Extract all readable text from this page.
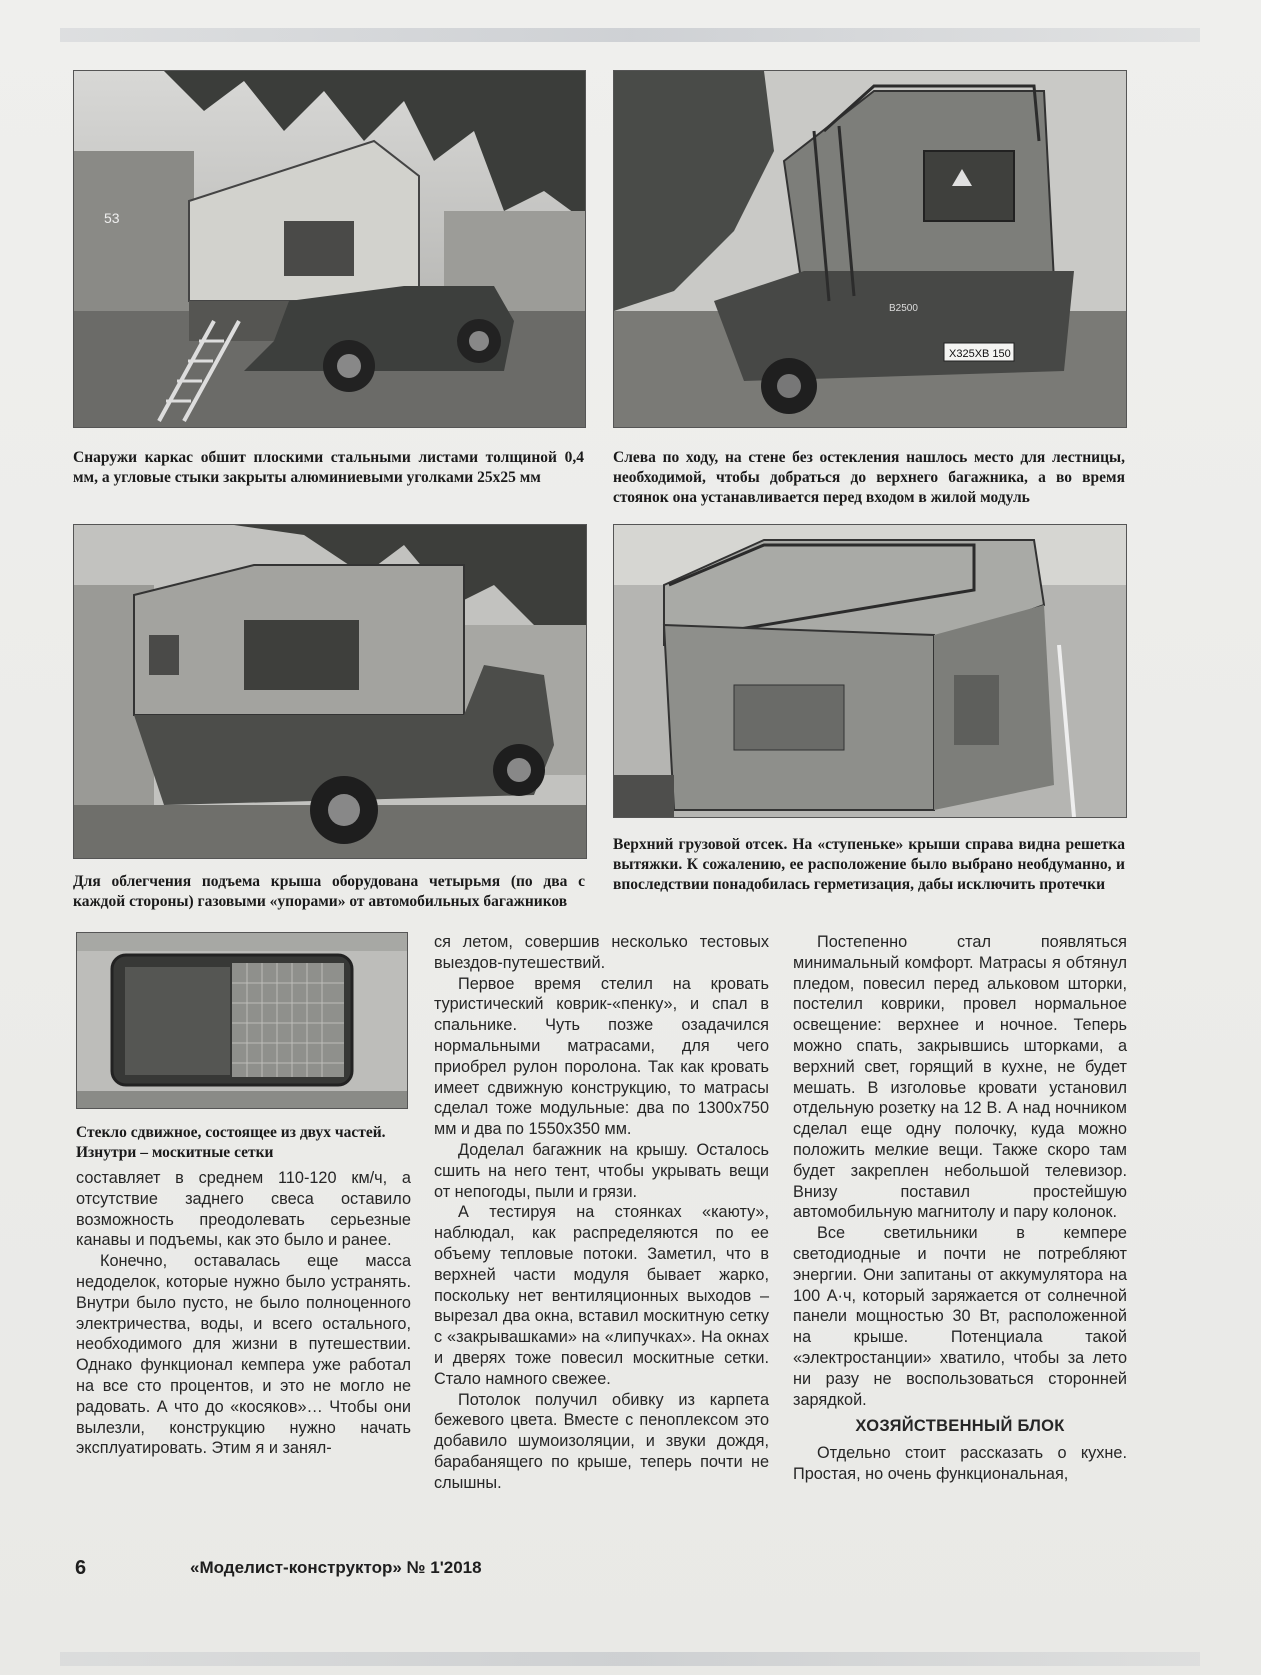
53
Х325ХВ 150
В2500
Снаружи каркас обшит плоскими стальными листами толщиной 0,4 мм, а угловые стыки закрыты алюминиевыми уголками 25x25 мм
Слева по ходу, на стене без остекления нашлось место для лестницы, необходимой, чтобы добраться до верхнего багажника, а во время стоянок она устанавливается перед входом в жилой модуль
Для облегчения подъема крыша оборудована четырьмя (по два с каждой стороны) газовыми «упорами» от автомобильных багажников
Верхний грузовой отсек. На «ступеньке» крыши справа видна решетка вытяжки. К сожалению, ее расположение было выбрано необдуманно, и впоследствии понадобилась герметизация, дабы исключить протечки
Стекло сдвижное, состоящее из двух частей. Изнутри – москитные сетки

составляет в среднем 110-120 км/ч, а отсутствие заднего свеса оставило возможность преодолевать серьезные канавы и подъемы, как это было и ранее.

Конечно, оставалась еще масса недоделок, которые нужно было устранять. Внутри было пусто, не было полноценного электричества, воды, и всего остального, необходимого для жизни в путешествии. Однако функционал кемпера уже работал на все сто процентов, и это не могло не радовать. А что до «косяков»… Чтобы они вылезли, конструкцию нужно начать эксплуатировать. Этим я и занял-

ся летом, совершив несколько тестовых выездов-путешествий.

Первое время стелил на кровать туристический коврик-«пенку», и спал в спальнике. Чуть позже озадачился нормальными матрасами, для чего приобрел рулон поролона. Так как кровать имеет сдвижную конструкцию, то матрасы сделал тоже модульные: два по 1300x750 мм и два по 1550x350 мм.

Доделал багажник на крышу. Осталось сшить на него тент, чтобы укрывать вещи от непогоды, пыли и грязи.

А тестируя на стоянках «каюту», наблюдал, как распределяются по ее объему тепловые потоки. Заметил, что в верхней части модуля бывает жарко, поскольку нет вентиляционных выходов – вырезал два окна, вставил москитную сетку с «закрывашками» на «липучках». На окнах и дверях тоже повесил москитные сетки. Стало намного свежее.

Потолок получил обивку из карпета бежевого цвета. Вместе с пеноплексом это добавило шумоизоляции, и звуки дождя, барабанящего по крыше, теперь почти не слышны.

Постепенно стал появляться минимальный комфорт. Матрасы я обтянул пледом, повесил перед альковом шторки, постелил коврики, провел нормальное освещение: верхнее и ночное. Теперь можно спать, закрывшись шторками, а верхний свет, горящий в кухне, не будет мешать. В изголовье кровати установил отдельную розетку на 12 В. А над ночником сделал еще одну полочку, куда можно положить мелкие вещи. Также скоро там будет закреплен небольшой телевизор. Внизу поставил простейшую автомобильную магнитолу и пару колонок.

Все светильники в кемпере светодиодные и почти не потребляют энергии. Они запитаны от аккумулятора на 100 А·ч, который заряжается от солнечной панели мощностью 30 Вт, расположенной на крыше. Потенциала такой «электростанции» хватило, чтобы за лето ни разу не воспользоваться сторонней зарядкой.

ХОЗЯЙСТВЕННЫЙ БЛОК

Отдельно стоит рассказать о кухне. Простая, но очень функциональная,

6	«Моделист-конструктор» № 1'2018
